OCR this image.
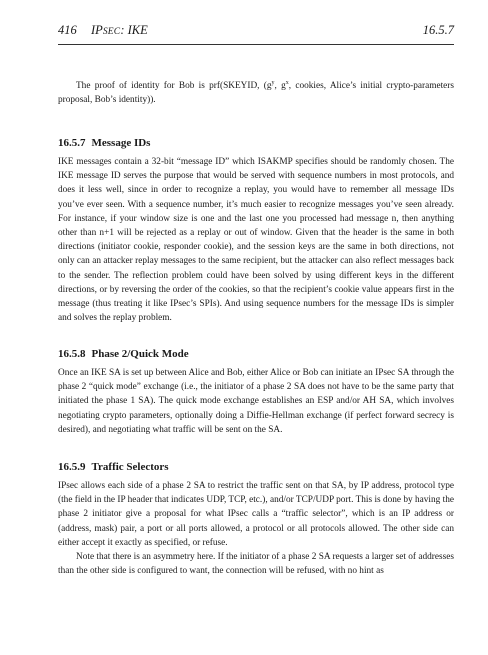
416 IPSEC: IKE	16.5.7

The proof of identity for Bob is prf(SKEYID, ($g^y$, $g^x$, cookies, Alice’s initial crypto-parameters proposal, Bob’s identity)).

16.5.7 Message IDs

IKE messages contain a 32-bit “message ID” which ISAKMP specifies should be randomly chosen. The IKE message ID serves the purpose that would be served with sequence numbers in most protocols, and does it less well, since in order to recognize a replay, you would have to remember all message IDs you’ve ever seen. With a sequence number, it’s much easier to recognize messages you’ve seen already. For instance, if your window size is one and the last one you processed had message n, then anything other than n+1 will be rejected as a replay or out of window. Given that the header is the same in both directions (initiator cookie, responder cookie), and the session keys are the same in both directions, not only can an attacker replay messages to the same recipient, but the attacker can also reflect messages back to the sender. The reflection problem could have been solved by using different keys in the different directions, or by reversing the order of the cookies, so that the recipient’s cookie value appears first in the message (thus treating it like IPsec’s SPIs). And using sequence numbers for the message IDs is simpler and solves the replay problem.

16.5.8 Phase 2/Quick Mode

Once an IKE SA is set up between Alice and Bob, either Alice or Bob can initiate an IPsec SA through the phase 2 “quick mode” exchange (i.e., the initiator of a phase 2 SA does not have to be the same party that initiated the phase 1 SA). The quick mode exchange establishes an ESP and/or AH SA, which involves negotiating crypto parameters, optionally doing a Diffie-Hellman exchange (if perfect forward secrecy is desired), and negotiating what traffic will be sent on the SA.

16.5.9 Traffic Selectors

IPsec allows each side of a phase 2 SA to restrict the traffic sent on that SA, by IP address, protocol type (the field in the IP header that indicates UDP, TCP, etc.), and/or TCP/UDP port. This is done by having the phase 2 initiator give a proposal for what IPsec calls a “traffic selector”, which is an IP address or (address, mask) pair, a port or all ports allowed, a protocol or all protocols allowed. The other side can either accept it exactly as specified, or refuse.

Note that there is an asymmetry here. If the initiator of a phase 2 SA requests a larger set of addresses than the other side is configured to want, the connection will be refused, with no hint as
